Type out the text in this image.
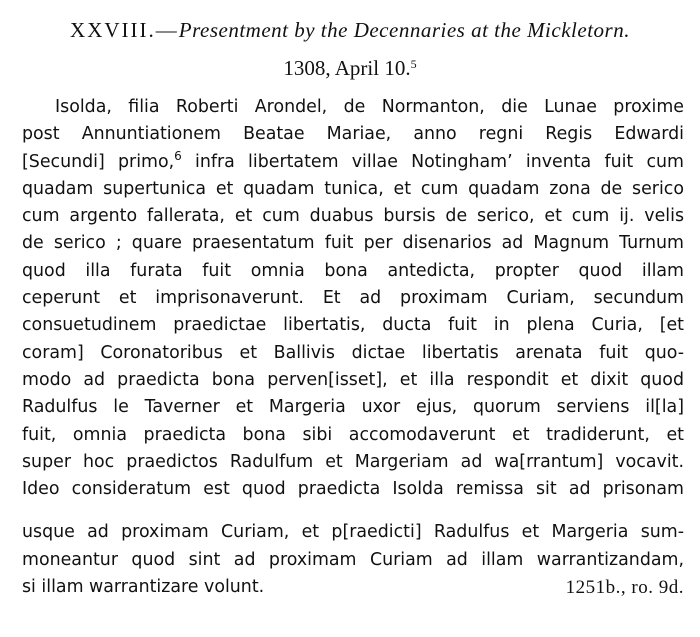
XXVIII.—Presentment by the Decennaries at the Mickletorn.
1308, April 10.$^5$
Isolda, filia Roberti Arondel, de Normanton, die Lunae proxime
post Annuntiationem Beatae Mariae, anno regni Regis Edwardi
[Secundi] primo,$^6$ infra libertatem villae Notingham’ inventa fuit cum
quadam supertunica et quadam tunica, et cum quadam zona de serico
cum argento fallerata, et cum duabus bursis de serico, et cum ij. velis
de serico ; quare praesentatum fuit per disenarios ad Magnum Turnum
quod illa furata fuit omnia bona antedicta, propter quod illam
ceperunt et imprisonaverunt. Et ad proximam Curiam, secundum
consuetudinem praedictae libertatis, ducta fuit in plena Curia, [et
coram] Coronatoribus et Ballivis dictae libertatis arenata fuit quo-
modo ad praedicta bona perven[isset], et illa respondit et dixit quod
Radulfus le Taverner et Margeria uxor ejus, quorum serviens il[la]
fuit, omnia praedicta bona sibi accomodaverunt et tradiderunt, et
super hoc praedictos Radulfum et Margeriam ad wa[rrantum] vocavit.
Ideo consideratum est quod praedicta Isolda remissa sit ad prisonam
usque ad proximam Curiam, et p[raedicti] Radulfus et Margeria sum-
moneantur quod sint ad proximam Curiam ad illam warrantizandam,
si illam warrantizare volunt.	1251b., ro. 9d.
